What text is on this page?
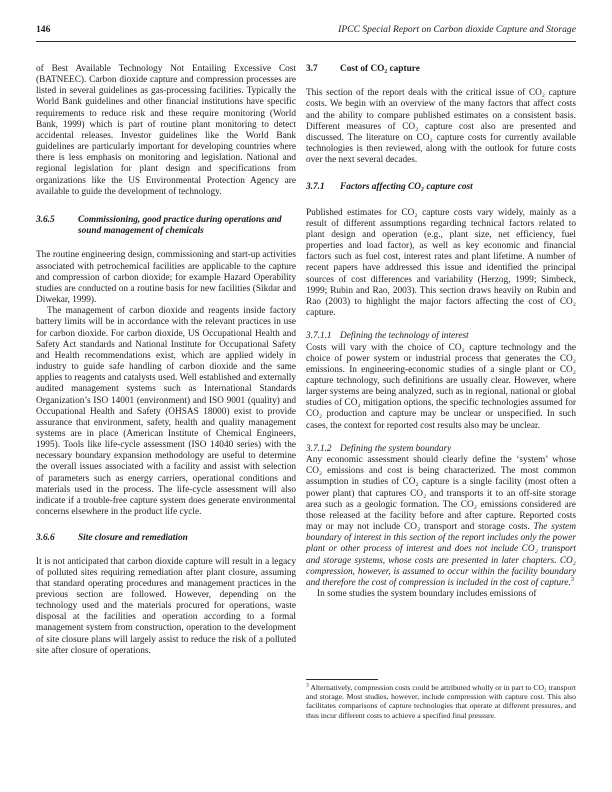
146	IPCC Special Report on Carbon dioxide Capture and Storage

of Best Available Technology Not Entailing Excessive Cost (BATNEEC). Carbon dioxide capture and compression processes are listed in several guidelines as gas-processing facilities. Typically the World Bank guidelines and other financial institutions have specific requirements to reduce risk and these require monitoring (World Bank, 1999) which is part of routine plant monitoring to detect accidental releases. Investor guidelines like the World Bank guidelines are particularly important for developing countries where there is less emphasis on monitoring and legislation. National and regional legislation for plant design and specifications from organizations like the US Environmental Protection Agency are available to guide the development of technology.

3.6.5	Commissioning, good practice during operations and sound management of chemicals

The routine engineering design, commissioning and start-up activities associated with petrochemical facilities are applicable to the capture and compression of carbon dioxide; for example Hazard Operability studies are conducted on a routine basis for new facilities (Sikdar and Diwekar, 1999).

The management of carbon dioxide and reagents inside factory battery limits will be in accordance with the relevant practices in use for carbon dioxide. For carbon dioxide, US Occupational Health and Safety Act standards and National Institute for Occupational Safety and Health recommendations exist, which are applied widely in industry to guide safe handling of carbon dioxide and the same applies to reagents and catalysts used. Well established and externally audited management systems such as International Standards Organization’s ISO 14001 (environment) and ISO 9001 (quality) and Occupational Health and Safety (OHSAS 18000) exist to provide assurance that environment, safety, health and quality management systems are in place (American Institute of Chemical Engineers, 1995). Tools like life-cycle assessment (ISO 14040 series) with the necessary boundary expansion methodology are useful to determine the overall issues associated with a facility and assist with selection of parameters such as energy carriers, operational conditions and materials used in the process. The life-cycle assessment will also indicate if a trouble-free capture system does generate environmental concerns elsewhere in the product life cycle.

3.6.6	Site closure and remediation

It is not anticipated that carbon dioxide capture will result in a legacy of polluted sites requiring remediation after plant closure, assuming that standard operating procedures and management practices in the previous section are followed. However, depending on the technology used and the materials procured for operations, waste disposal at the facilities and operation according to a formal management system from construction, operation to the development of site closure plans will largely assist to reduce the risk of a polluted site after closure of operations.

3.7	Cost of CO₂ capture

This section of the report deals with the critical issue of CO₂ capture costs. We begin with an overview of the many factors that affect costs and the ability to compare published estimates on a consistent basis. Different measures of CO₂ capture cost also are presented and discussed. The literature on CO₂ capture costs for currently available technologies is then reviewed, along with the outlook for future costs over the next several decades.

3.7.1	Factors affecting CO₂ capture cost

Published estimates for CO₂ capture costs vary widely, mainly as a result of different assumptions regarding technical factors related to plant design and operation (e.g., plant size, net efficiency, fuel properties and load factor), as well as key economic and financial factors such as fuel cost, interest rates and plant lifetime. A number of recent papers have addressed this issue and identified the principal sources of cost differences and variability (Herzog, 1999; Simbeck, 1999; Rubin and Rao, 2003). This section draws heavily on Rubin and Rao (2003) to highlight the major factors affecting the cost of CO₂ capture.

3.7.1.1 Defining the technology of interest

Costs will vary with the choice of CO₂ capture technology and the choice of power system or industrial process that generates the CO₂ emissions. In engineering-economic studies of a single plant or CO₂ capture technology, such definitions are usually clear. However, where larger systems are being analyzed, such as in regional, national or global studies of CO₂ mitigation options, the specific technologies assumed for CO₂ production and capture may be unclear or unspecified. In such cases, the context for reported cost results also may be unclear.

3.7.1.2 Defining the system boundary

Any economic assessment should clearly define the ‘system’ whose CO₂ emissions and cost is being characterized. The most common assumption in studies of CO₂ capture is a single facility (most often a power plant) that captures CO₂ and transports it to an off-site storage area such as a geologic formation. The CO₂ emissions considered are those released at the facility before and after capture. Reported costs may or may not include CO₂ transport and storage costs. The system boundary of interest in this section of the report includes only the power plant or other process of interest and does not include CO₂ transport and storage systems, whose costs are presented in later chapters. CO₂ compression, however, is assumed to occur within the facility boundary and therefore the cost of compression is included in the cost of capture.$^3$

In some studies the system boundary includes emissions of

$^3$ Alternatively, compression costs could be attributed wholly or in part to CO₂ transport and storage. Most studies, however, include compression with capture cost. This also facilitates comparisons of capture technologies that operate at different pressures, and thus incur different costs to achieve a specified final pressure.
